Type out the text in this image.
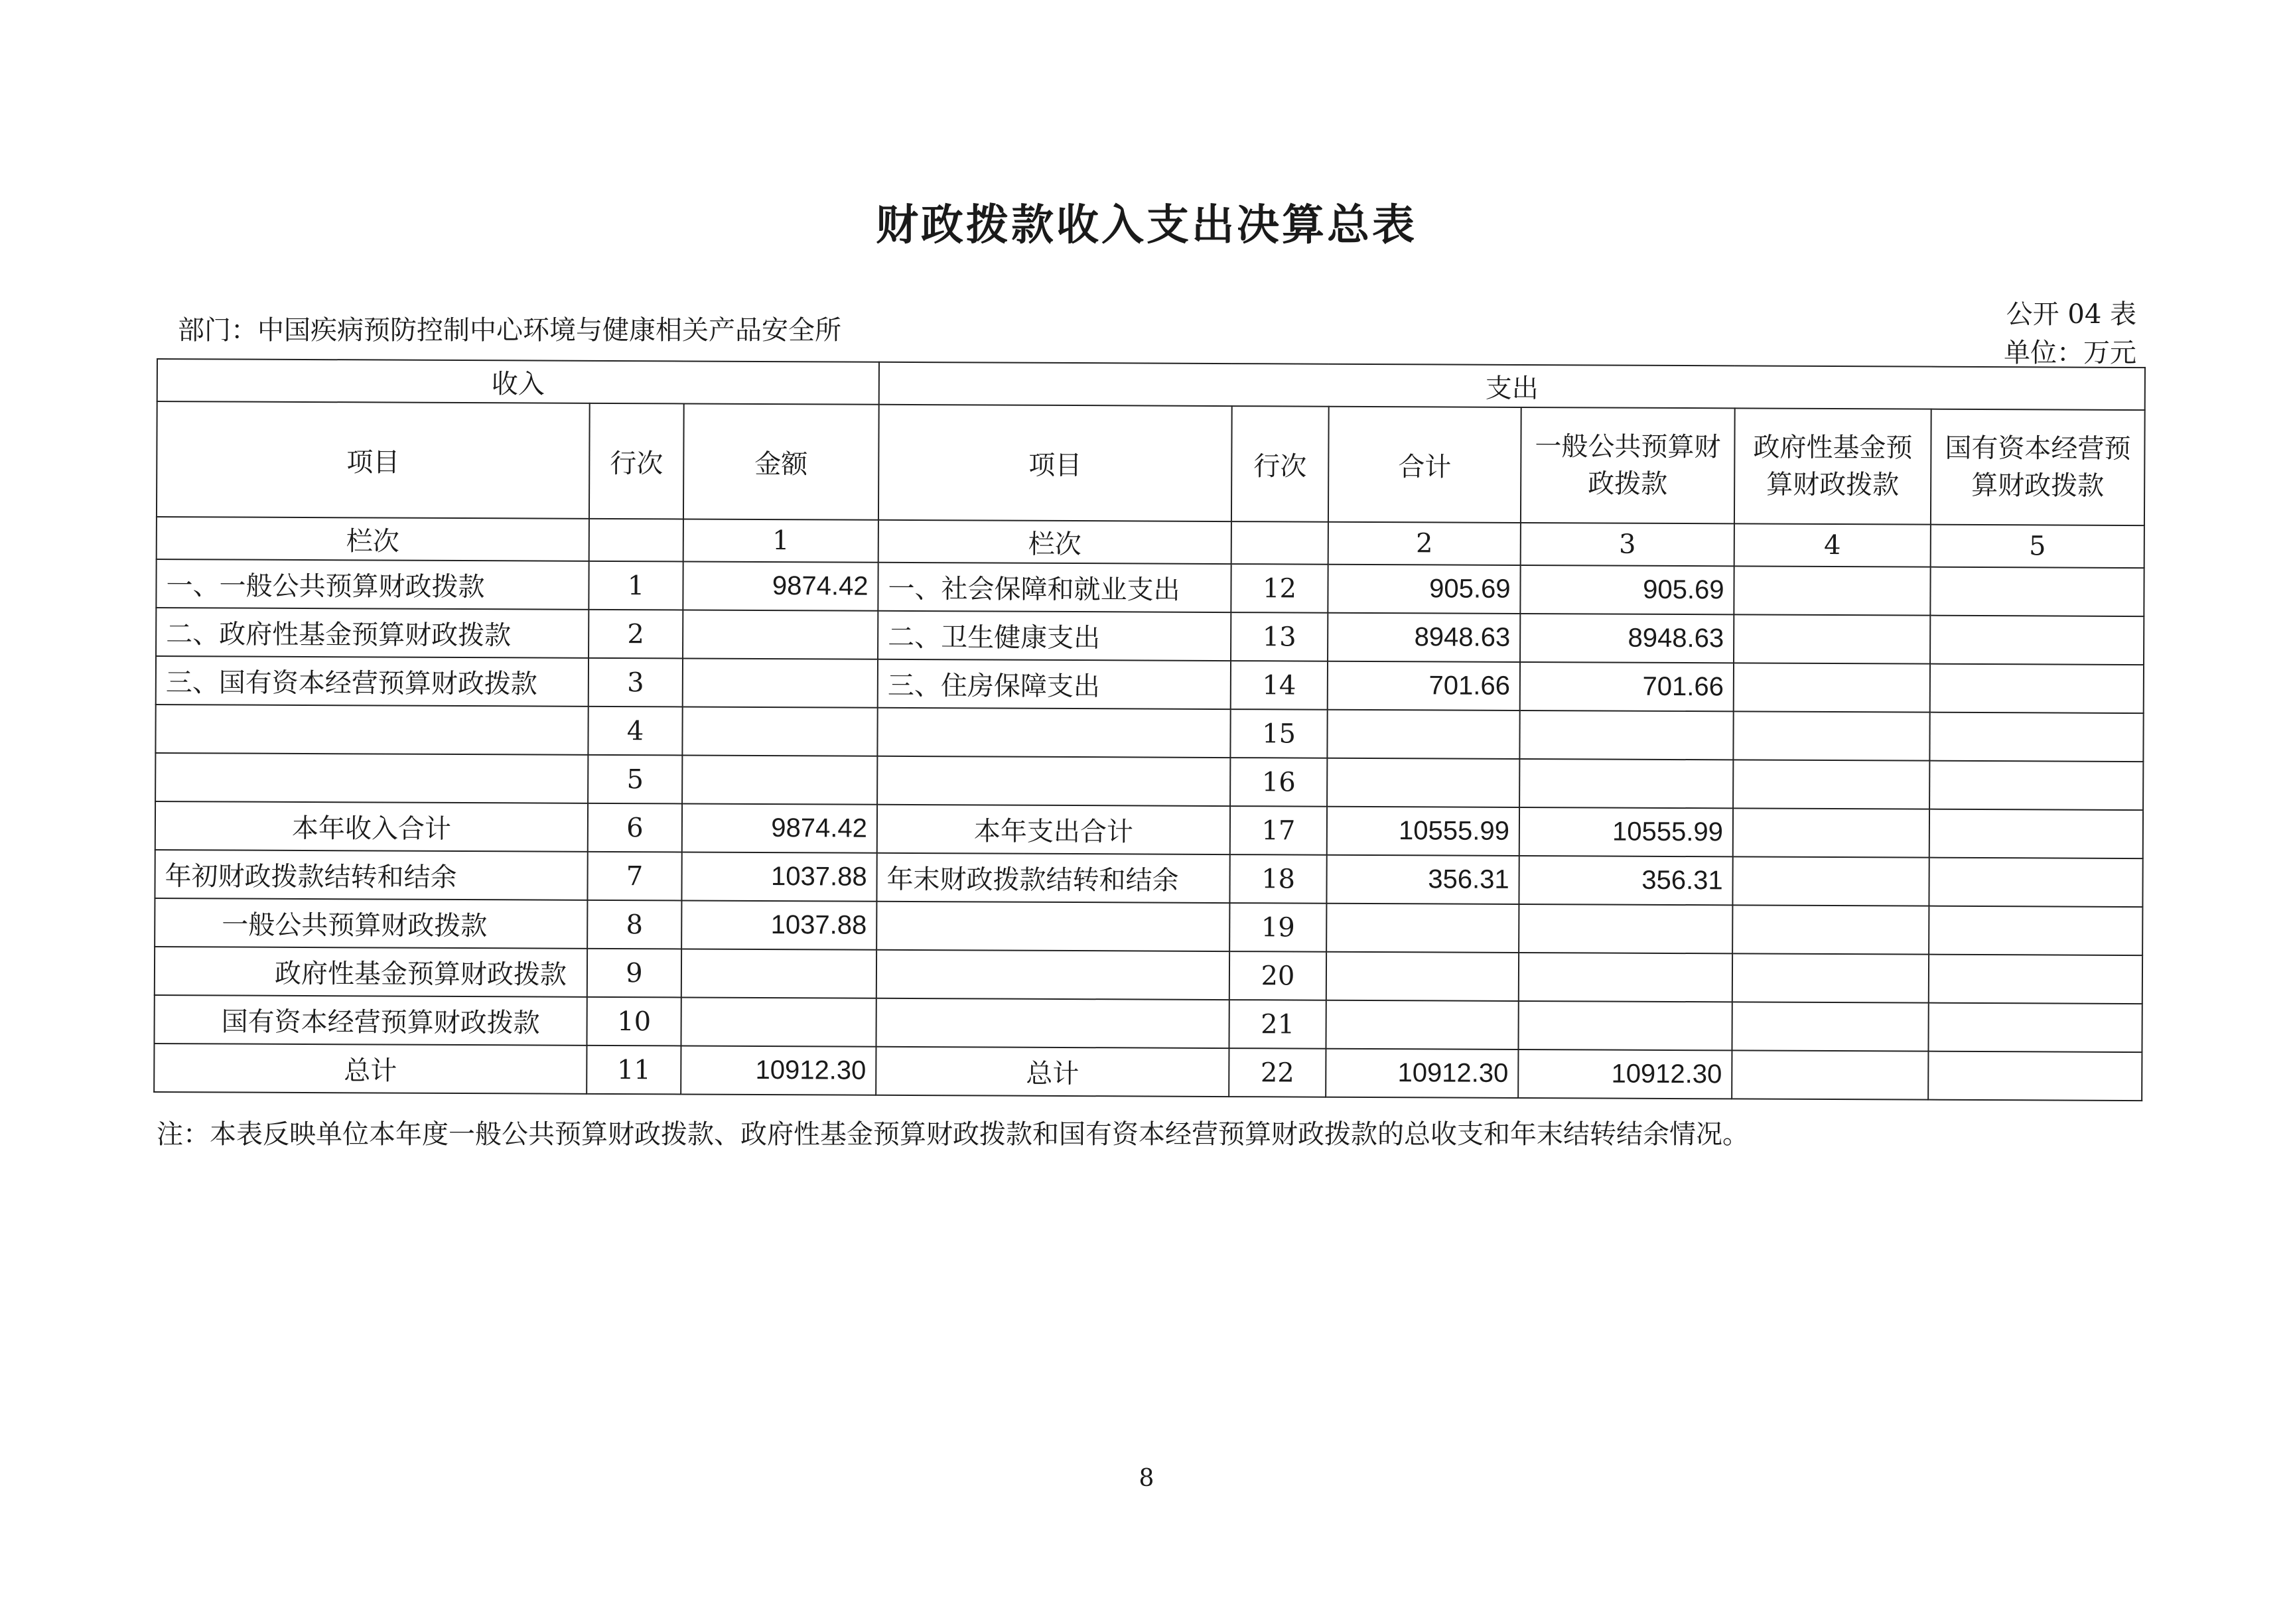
财政拨款收入支出决算总表
部门：中国疾病预防控制中心环境与健康相关产品安全所
公开 04 表
单位：万元
收入			支出					
项目	行次	金额	项目	行次	合计	一般公共预算财政拨款	政府性基金预算财政拨款	国有资本经营预算财政拨款
栏次		1	栏次		2	3	4	5
一、一般公共预算财政拨款	1	9874.42	一、社会保障和就业支出	12	905.69	905.69		
二、政府性基金预算财政拨款	2		二、卫生健康支出	13	8948.63	8948.63		
三、国有资本经营预算财政拨款	3		三、住房保障支出	14	701.66	701.66		
	4			15				
	5			16				
本年收入合计	6	9874.42	本年支出合计	17	10555.99	10555.99		
年初财政拨款结转和结余	7	1037.88	年末财政拨款结转和结余	18	356.31	356.31		
一般公共预算财政拨款	8	1037.88		19				
政府性基金预算财政拨款	9			20				
国有资本经营预算财政拨款	10			21				
总计	11	10912.30	总计	22	10912.30	10912.30		
注：本表反映单位本年度一般公共预算财政拨款、政府性基金预算财政拨款和国有资本经营预算财政拨款的总收支和年末结转结余情况。
8
